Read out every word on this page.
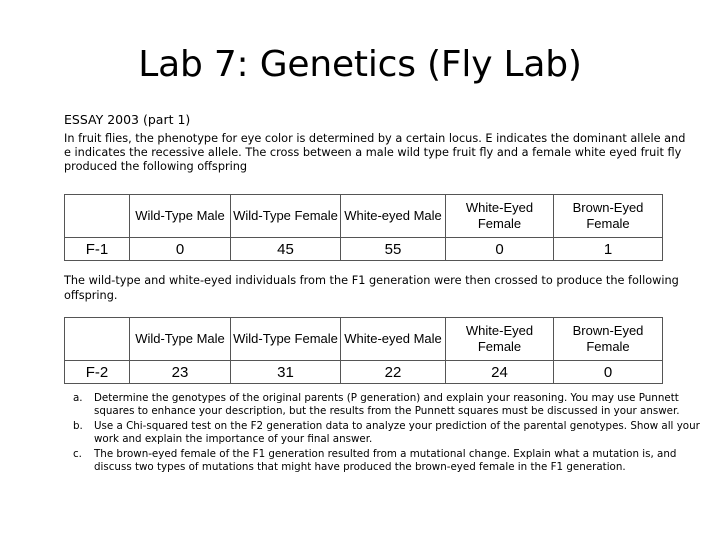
Lab 7: Genetics (Fly Lab)
ESSAY 2003 (part 1)
In fruit flies, the phenotype for eye color is determined by a certain locus. E indicates the dominant allele and e indicates the recessive allele. The cross between a male wild type fruit fly and a female white eyed fruit fly produced the following offspring
	Wild-Type Male	Wild-Type Female	White-eyed Male	White-Eyed Female	Brown-Eyed Female
F-1	0	45	55	0	1
The wild-type and white-eyed individuals from the F1 generation were then crossed to produce the following offspring.
	Wild-Type Male	Wild-Type Female	White-eyed Male	White-Eyed Female	Brown-Eyed Female
F-2	23	31	22	24	0
a. Determine the genotypes of the original parents (P generation) and explain your reasoning. You may use Punnett squares to enhance your description, but the results from the Punnett squares must be discussed in your answer.
b. Use a Chi-squared test on the F2 generation data to analyze your prediction of the parental genotypes. Show all your work and explain the importance of your final answer.
c. The brown-eyed female of the F1 generation resulted from a mutational change. Explain what a mutation is, and discuss two types of mutations that might have produced the brown-eyed female in the F1 generation.
